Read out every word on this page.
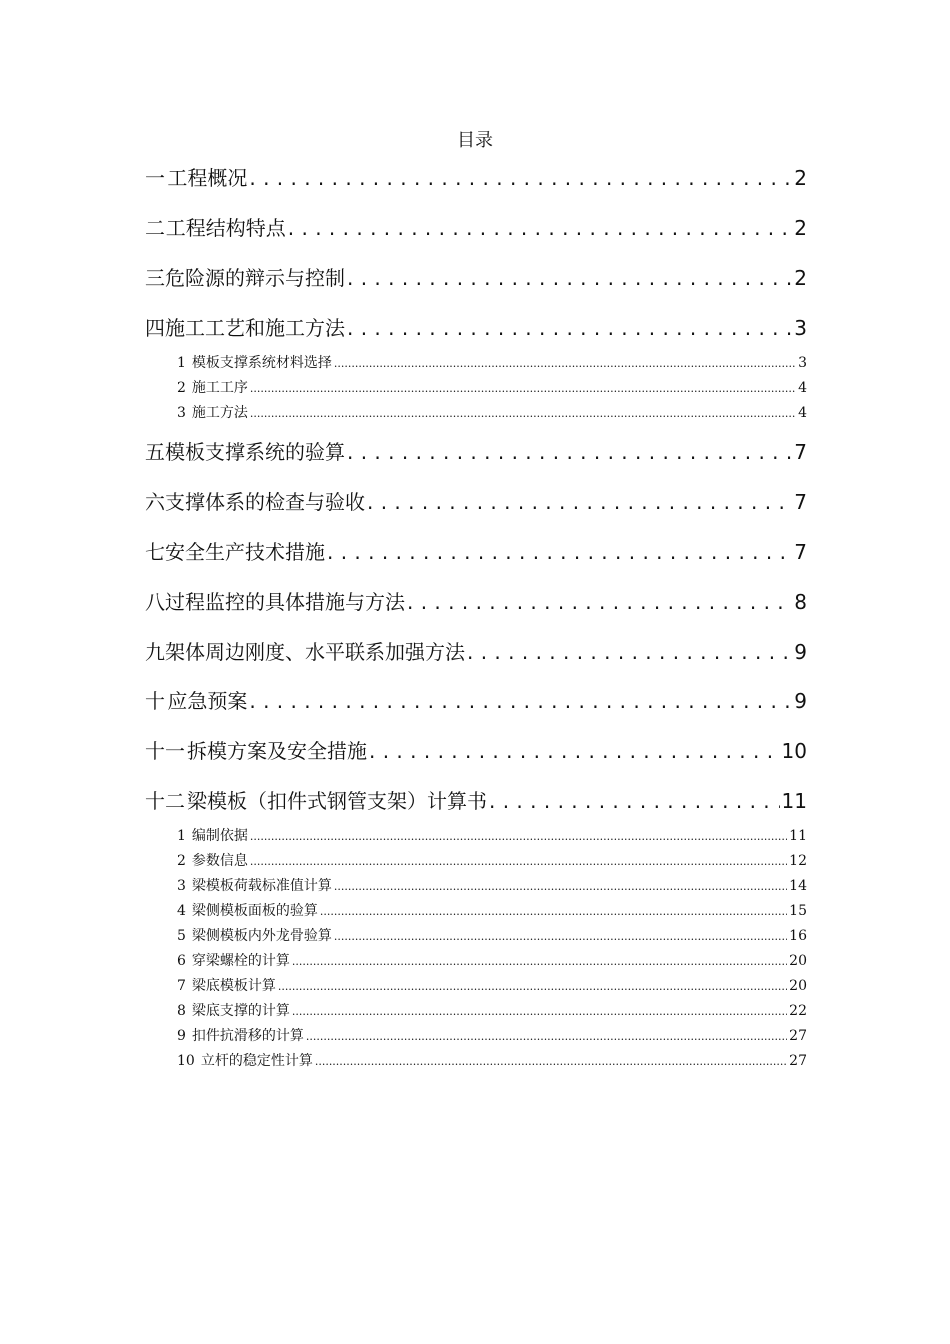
目录
一 工程概况 . . .	2
二 工程结构特点 . . .	2
三 危险源的辩示与控制 . . .	2
四 施工工艺和施工方法 . . .	3
1 模板支撑系统材料选择 .....	3
2 施工工序 .....	4
3 施工方法 .....	4
五 模板支撑系统的验算 . . .	7
六 支撑体系的检查与验收 . . .	7
七 安全生产技术措施 . . .	7
八 过程监控的具体措施与方法 . . .	8
九 架体周边刚度、水平联系加强方法 . . .	9
十 应急预案 . . .	9
十一 拆模方案及安全措施 . . .	10
十二 梁模板（扣件式钢管支架）计算书 . . .	11
1 编制依据 .....	11
2 参数信息 .....	12
3 梁模板荷载标准值计算 .....	14
4 梁侧模板面板的验算 .....	15
5 梁侧模板内外龙骨验算 .....	16
6 穿梁螺栓的计算 .....	20
7 梁底模板计算 .....	20
8 梁底支撑的计算 .....	22
9 扣件抗滑移的计算 .....	27
10 立杆的稳定性计算 .....	27
